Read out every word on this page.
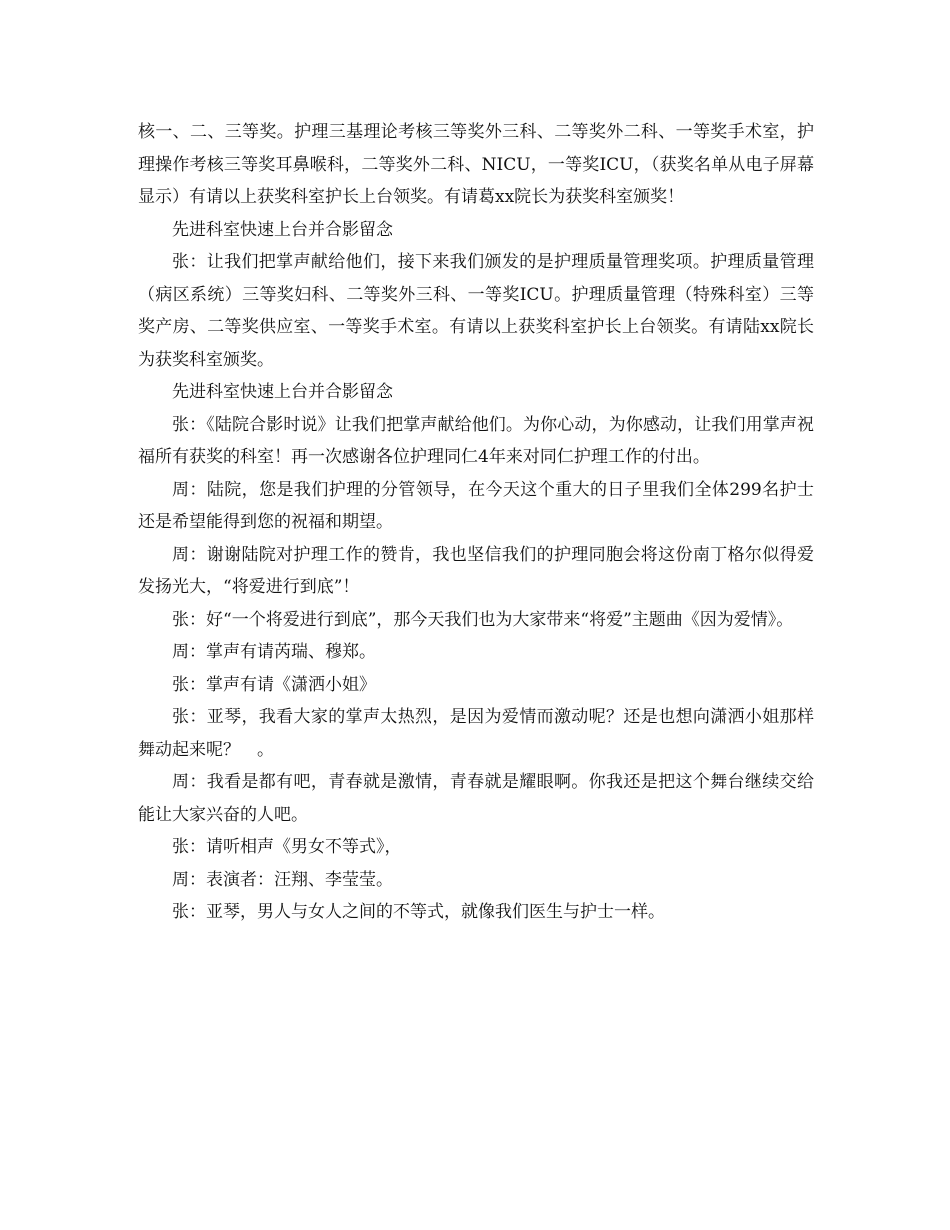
核一、二、三等奖。护理三基理论考核三等奖外三科、二等奖外二科、一等奖手术室，护理操作考核三等奖耳鼻喉科，二等奖外二科、NICU，一等奖ICU，（获奖名单从电子屏幕显示）有请以上获奖科室护长上台领奖。有请葛xx院长为获奖科室颁奖！

先进科室快速上台并合影留念

张：让我们把掌声献给他们，接下来我们颁发的是护理质量管理奖项。护理质量管理（病区系统）三等奖妇科、二等奖外三科、一等奖ICU。护理质量管理（特殊科室）三等奖产房、二等奖供应室、一等奖手术室。有请以上获奖科室护长上台领奖。有请陆xx院长为获奖科室颁奖。

先进科室快速上台并合影留念

张：《陆院合影时说》让我们把掌声献给他们。为你心动，为你感动，让我们用掌声祝福所有获奖的科室！再一次感谢各位护理同仁4年来对同仁护理工作的付出。

周：陆院，您是我们护理的分管领导，在今天这个重大的日子里我们全体299名护士还是希望能得到您的祝福和期望。

周：谢谢陆院对护理工作的赞肯，我也坚信我们的护理同胞会将这份南丁格尔似得爱发扬光大，“将爱进行到底”！

张：好“一个将爱进行到底”，那今天我们也为大家带来“将爱”主题曲《因为爱情》。

周：掌声有请芮瑞、穆郑。

张：掌声有请《潇洒小姐》

张：亚琴，我看大家的掌声太热烈，是因为爱情而激动呢？还是也想向潇洒小姐那样舞动起来呢？　。

周：我看是都有吧，青春就是激情，青春就是耀眼啊。你我还是把这个舞台继续交给能让大家兴奋的人吧。

张：请听相声《男女不等式》，

周：表演者：汪翔、李莹莹。

张：亚琴，男人与女人之间的不等式，就像我们医生与护士一样。
